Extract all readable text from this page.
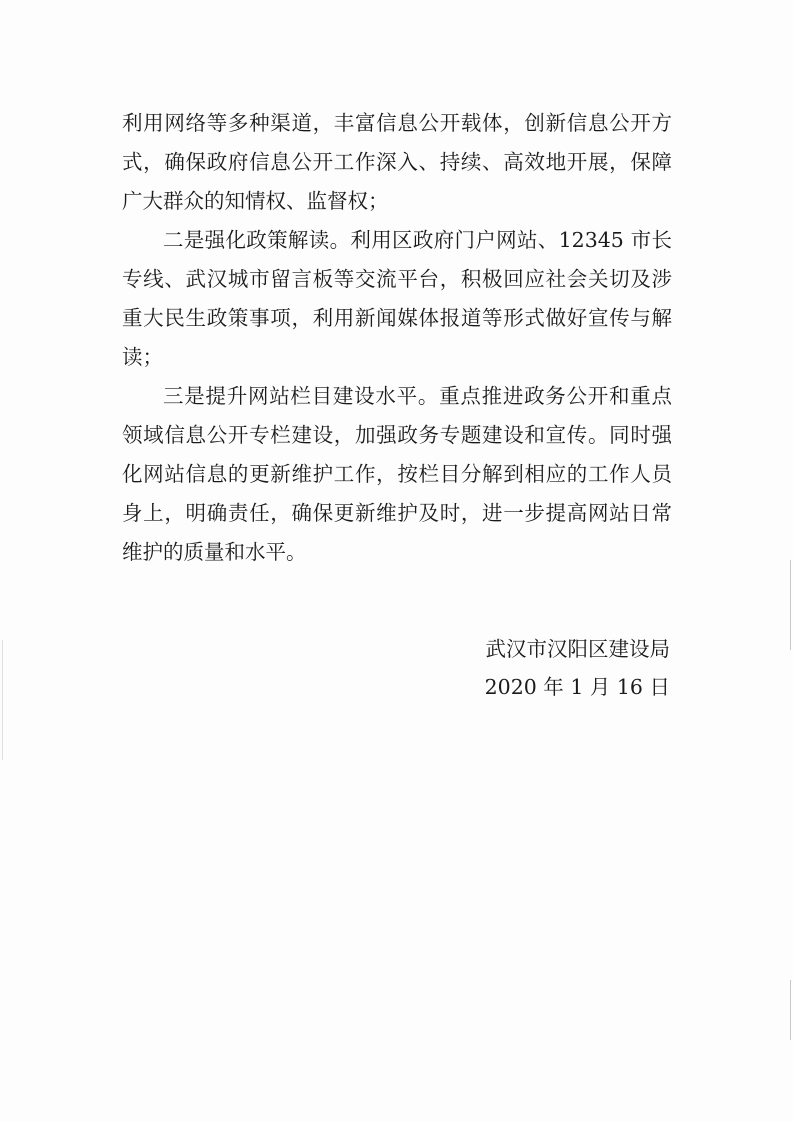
利用网络等多种渠道，丰富信息公开载体，创新信息公开方
式，确保政府信息公开工作深入、持续、高效地开展，保障
广大群众的知情权、监督权；
二是强化政策解读。利用区政府门户网站、12345 市长
专线、武汉城市留言板等交流平台，积极回应社会关切及涉
重大民生政策事项，利用新闻媒体报道等形式做好宣传与解
读；
三是提升网站栏目建设水平。重点推进政务公开和重点
领域信息公开专栏建设，加强政务专题建设和宣传。同时强
化网站信息的更新维护工作，按栏目分解到相应的工作人员
身上，明确责任，确保更新维护及时，进一步提高网站日常
维护的质量和水平。
武汉市汉阳区建设局
2020 年 1 月 16 日
